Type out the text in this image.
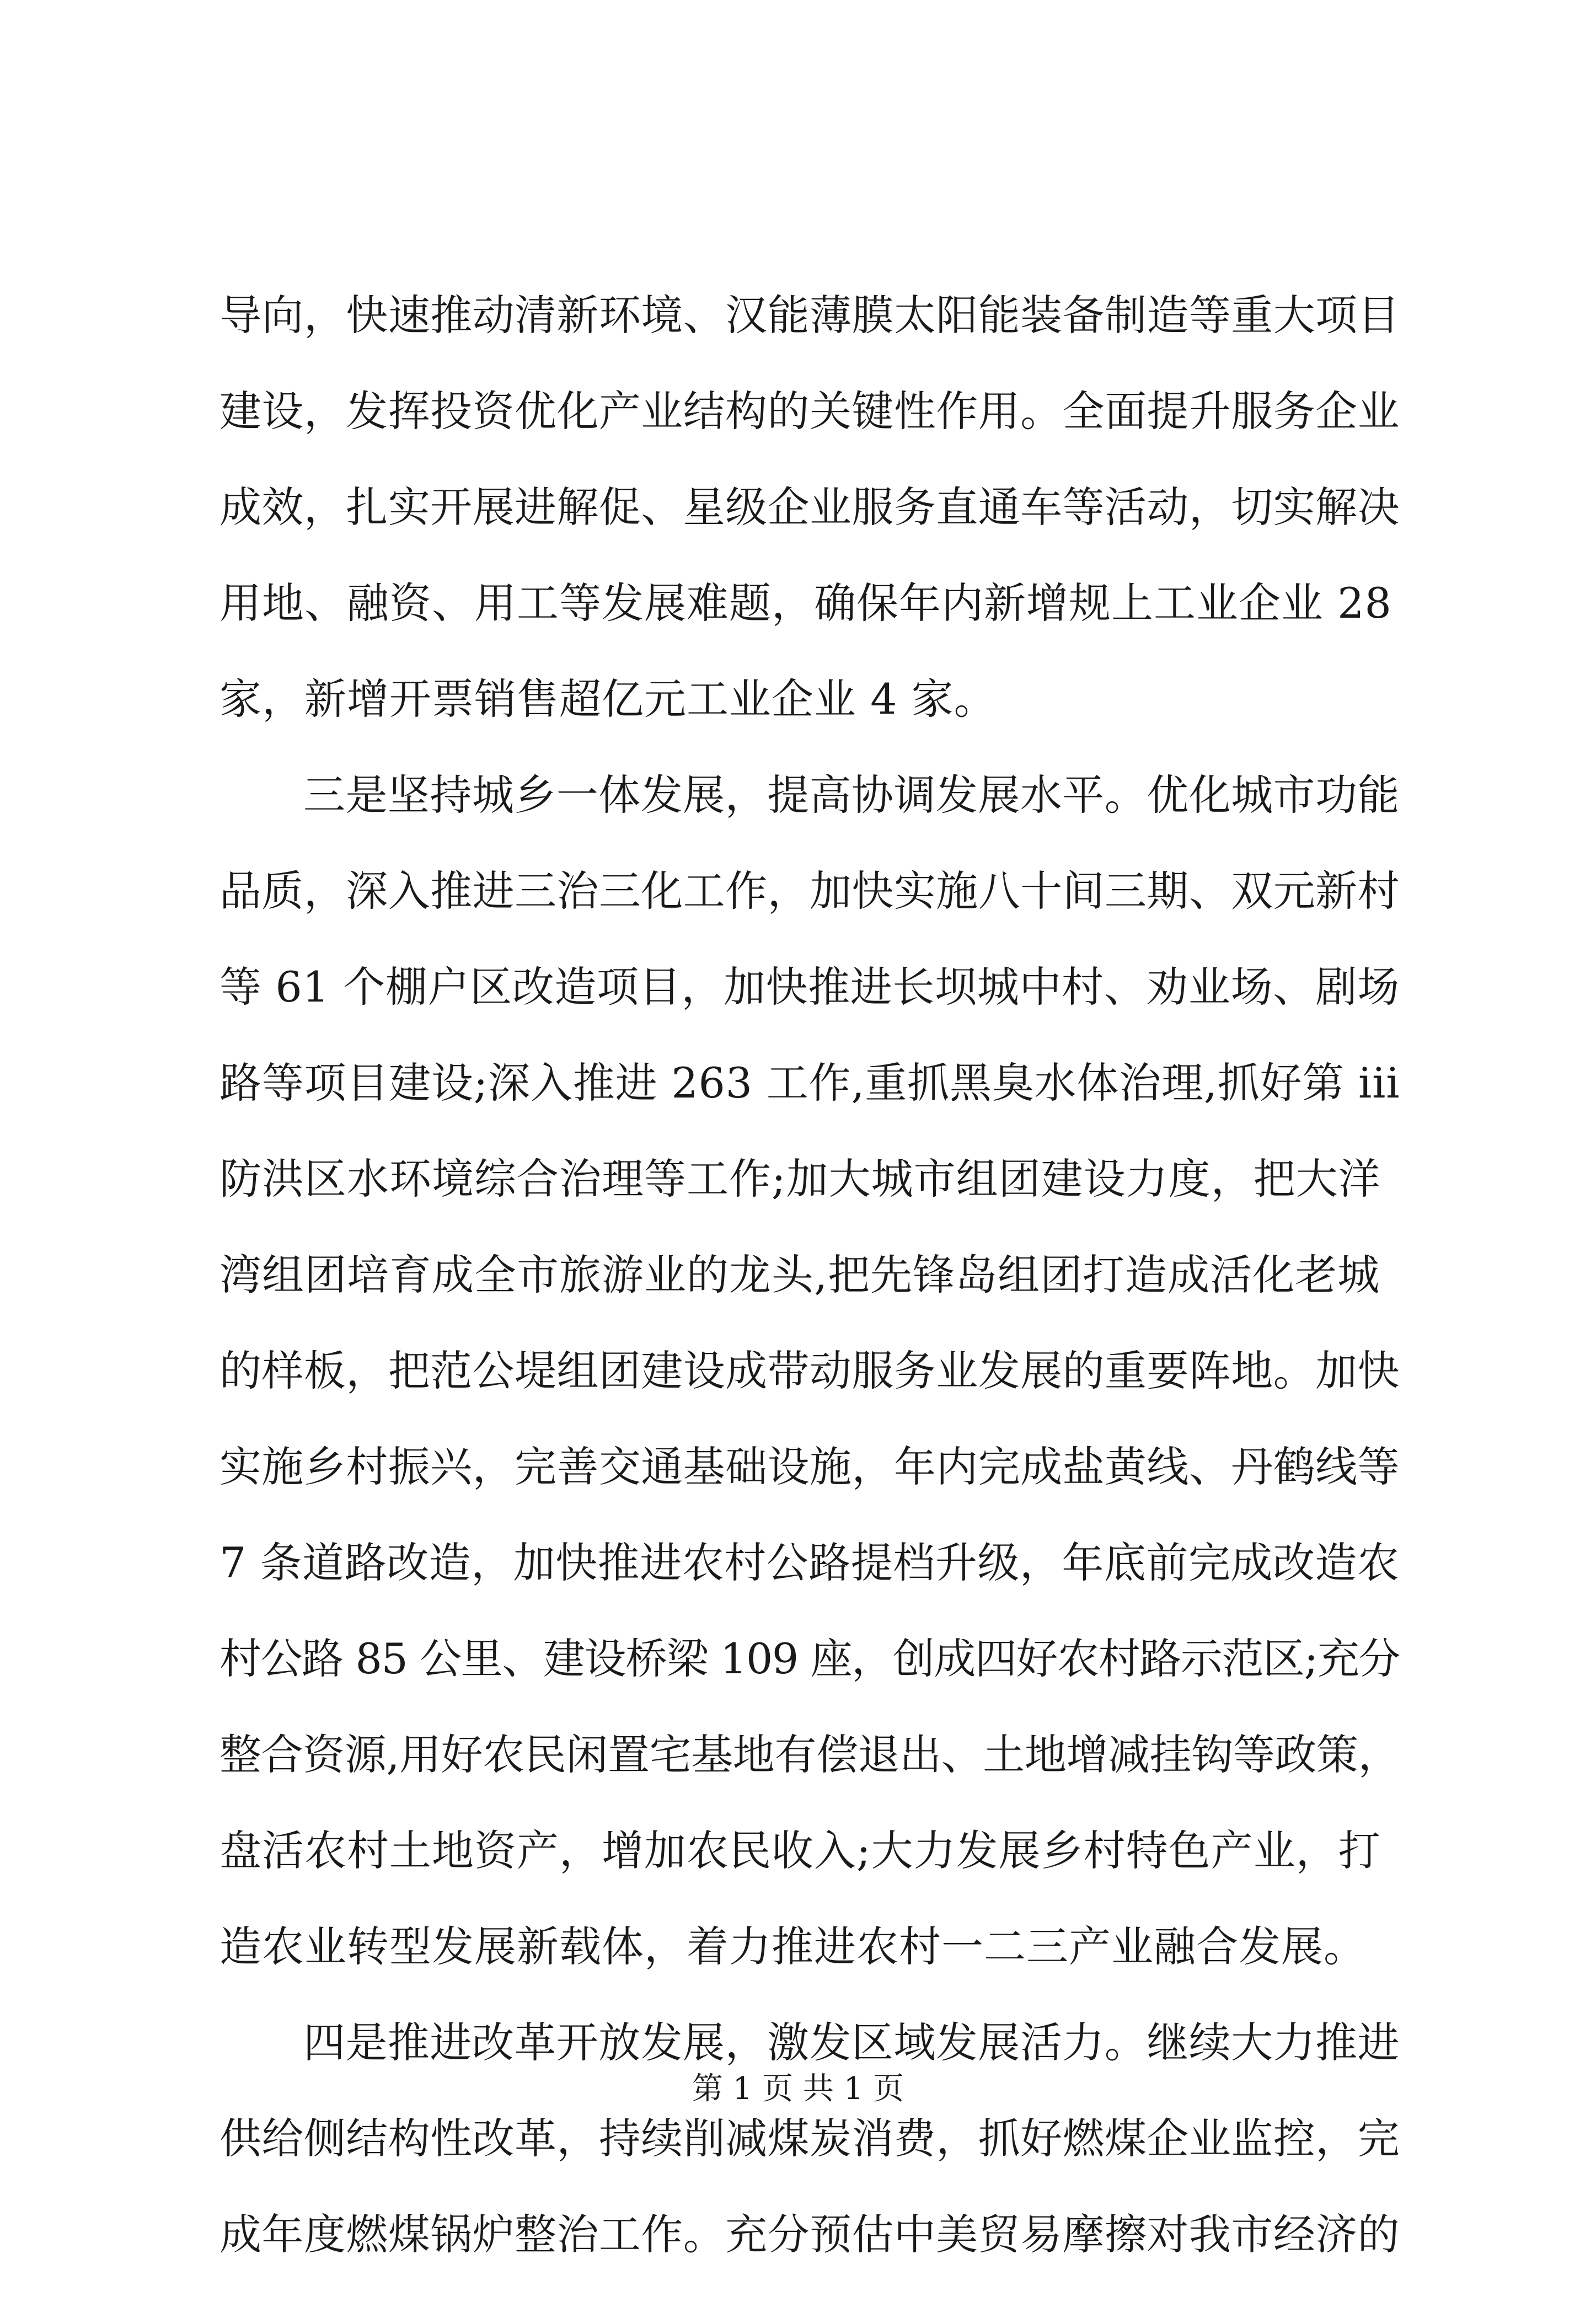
导向，快速推动清新环境、汉能薄膜太阳能装备制造等重大项目
建设，发挥投资优化产业结构的关键性作用。全面提升服务企业
成效，扎实开展进解促、星级企业服务直通车等活动，切实解决
用地、融资、用工等发展难题，确保年内新增规上工业企业 28
家，新增开票销售超亿元工业企业 4 家。
三是坚持城乡一体发展，提高协调发展水平。优化城市功能
品质，深入推进三治三化工作，加快实施八十间三期、双元新村
等 61 个棚户区改造项目，加快推进长坝城中村、劝业场、剧场
路等项目建设;深入推进 263 工作,重抓黑臭水体治理,抓好第 iii
防洪区水环境综合治理等工作;加大城市组团建设力度，把大洋
湾组团培育成全市旅游业的龙头,把先锋岛组团打造成活化老城
的样板，把范公堤组团建设成带动服务业发展的重要阵地。加快
实施乡村振兴，完善交通基础设施，年内完成盐黄线、丹鹤线等
7 条道路改造，加快推进农村公路提档升级，年底前完成改造农
村公路 85 公里、建设桥梁 109 座，创成四好农村路示范区;充分
整合资源,用好农民闲置宅基地有偿退出、土地增减挂钩等政策，
盘活农村土地资产，增加农民收入;大力发展乡村特色产业，打
造农业转型发展新载体，着力推进农村一二三产业融合发展。
四是推进改革开放发展，激发区域发展活力。继续大力推进
供给侧结构性改革，持续削减煤炭消费，抓好燃煤企业监控，完
成年度燃煤锅炉整治工作。充分预估中美贸易摩擦对我市经济的
第 1 页 共 1 页
